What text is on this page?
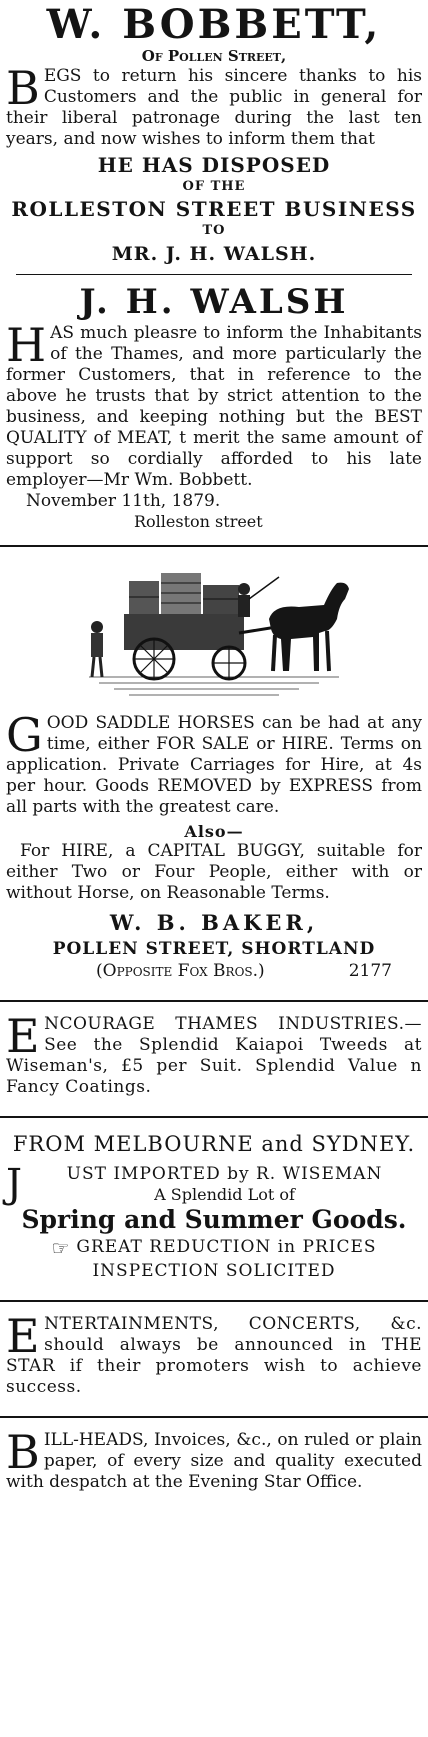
W. BOBBETT,
Of Pollen Street,

BEGS to return his sincere thanks to his Customers and the public in general for their liberal patronage during the last ten years, and now wishes to inform them that

HE HAS DISPOSED
OF THE
ROLLESTON STREET BUSINESS
TO
MR. J. H. WALSH.
J. H. WALSH

HAS much pleasre to inform the Inhabitants of the Thames, and more particularly the former Customers, that in reference to the above he trusts that by strict attention to the business, and keeping nothing but the BEST QUALITY of MEAT, t merit the same amount of support so cordially afforded to his late employer—Mr Wm. Bobbett.

November 11th, 1879.
Rolleston street

GOOD SADDLE HORSES can be had at any time, either FOR SALE or HIRE. Terms on application. Private Carriages for Hire, at 4s per hour. Goods REMOVED by EXPRESS from all parts with the greatest care.

Also—

For HIRE, a CAPITAL BUGGY, suitable for either Two or Four People, either with or without Horse, on Reasonable Terms.

W. B. BAKER,
POLLEN STREET, SHORTLAND
(Opposite Fox Bros.)	2177

ENCOURAGE THAMES INDUSTRIES.—See the Splendid Kaiapoi Tweeds at Wiseman's, £5 per Suit. Splendid Value n Fancy Coatings.

FROM MELBOURNE and SYDNEY.

J	UST IMPORTED by R. WISEMAN

A Splendid Lot of
Spring and Summer Goods.
☞ GREAT REDUCTION in PRICES
INSPECTION SOLICITED

ENTERTAINMENTS, CONCERTS, &c. should always be announced in THE STAR if their promoters wish to achieve success.

BILL-HEADS, Invoices, &c., on ruled or plain paper, of every size and quality executed with despatch at the Evening Star Office.
